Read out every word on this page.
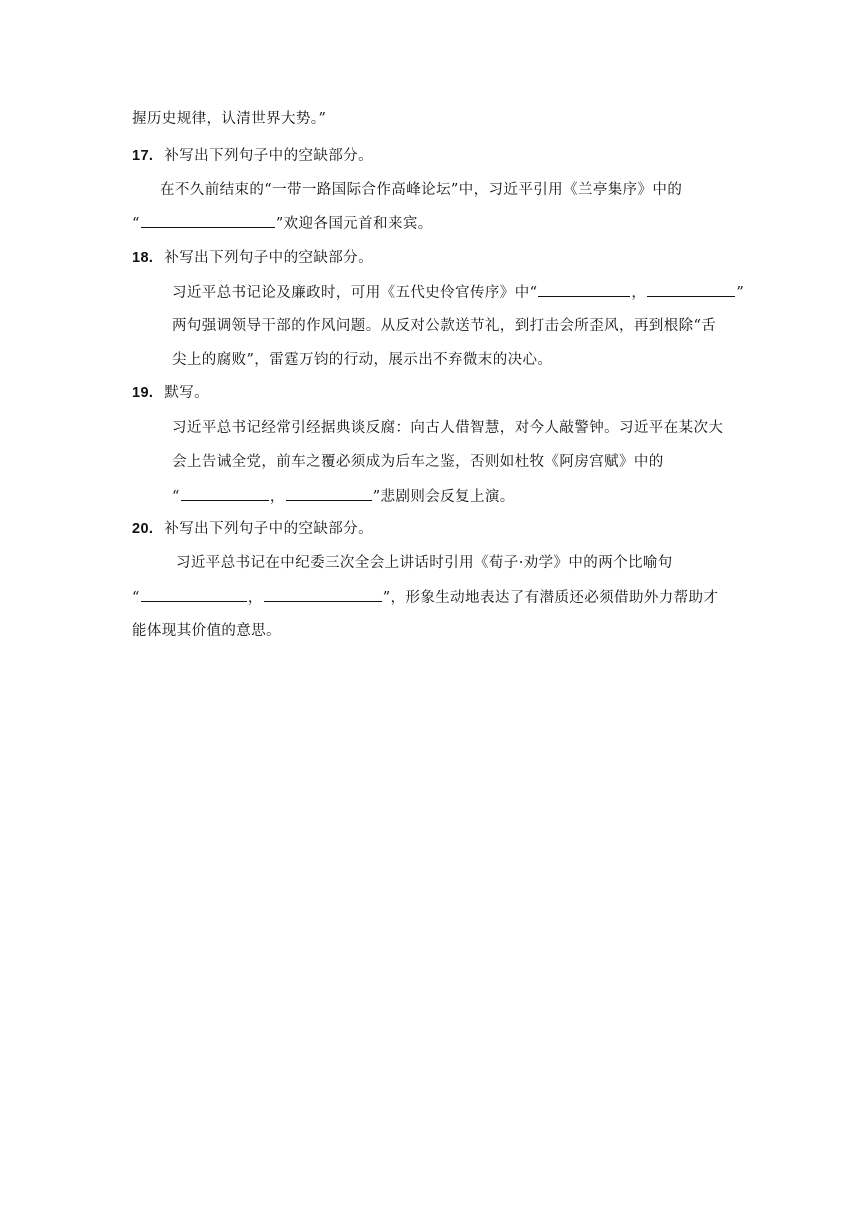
握历史规律，认清世界大势。”
17. 补写出下列句子中的空缺部分。
在不久前结束的“一带一路国际合作高峰论坛”中，习近平引用《兰亭集序》中的
“	”欢迎各国元首和来宾。
18. 补写出下列句子中的空缺部分。
习近平总书记论及廉政时，可用《五代史伶官传序》中“	，	”
两句强调领导干部的作风问题。从反对公款送节礼，到打击会所歪风，再到根除“舌
尖上的腐败”，雷霆万钧的行动，展示出不弃微末的决心。
19. 默写。
习近平总书记经常引经据典谈反腐：向古人借智慧，对今人敲警钟。习近平在某次大
会上告诫全党，前车之覆必须成为后车之鉴，否则如杜牧《阿房宫赋》中的
“	，	”悲剧则会反复上演。
20. 补写出下列句子中的空缺部分。
习近平总书记在中纪委三次全会上讲话时引用《荀子·劝学》中的两个比喻句
“	，	”，形象生动地表达了有潜质还必须借助外力帮助才
能体现其价值的意思。
